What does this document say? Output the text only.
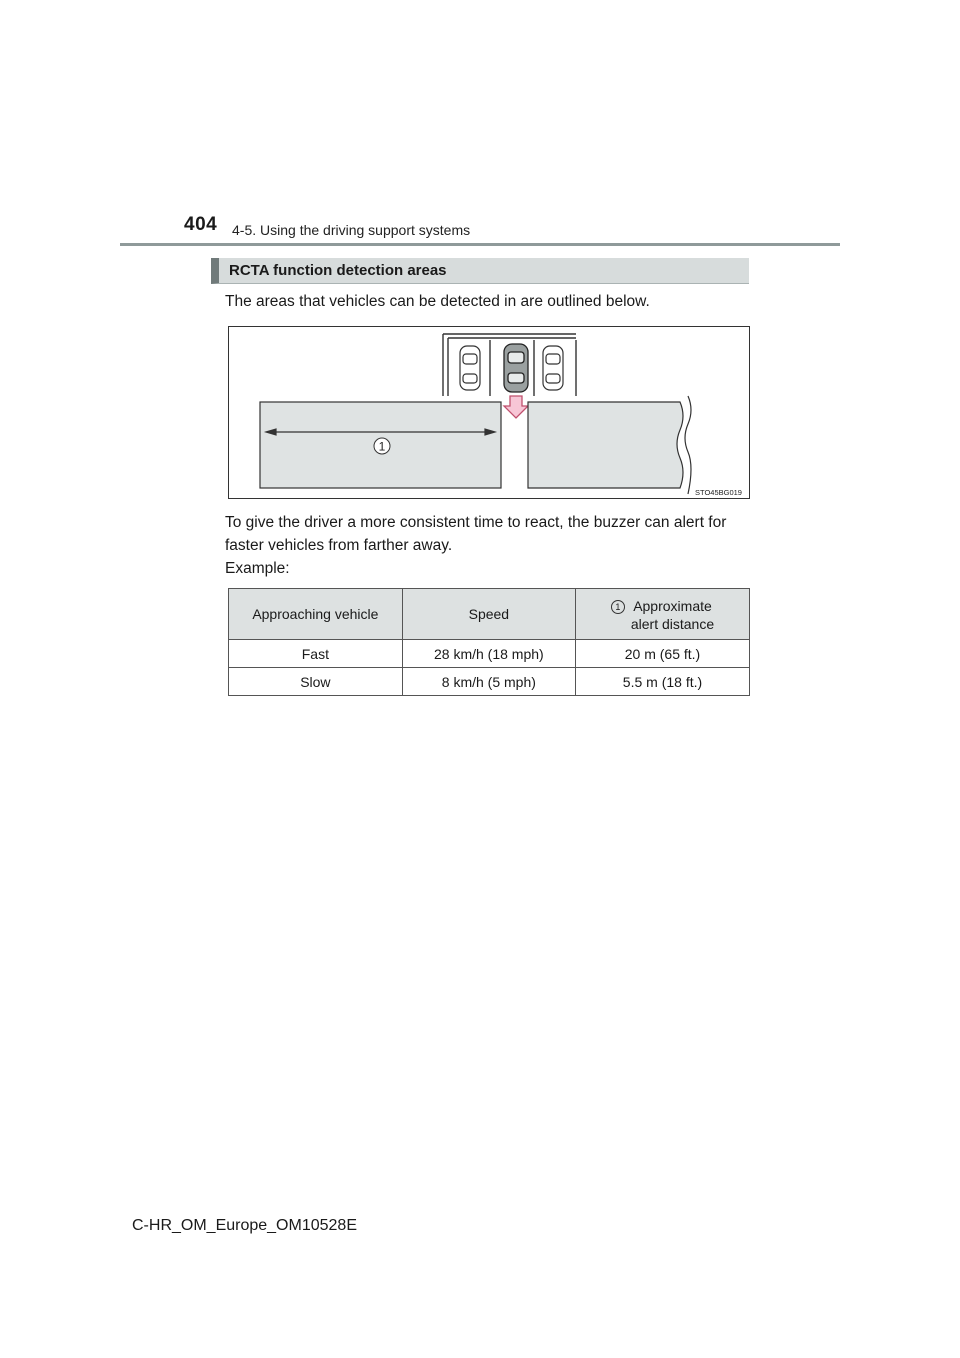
404 4-5. Using the driving support systems
RCTA function detection areas
The areas that vehicles can be detected in are outlined below.
1
STO45BG019
To give the driver a more consistent time to react, the buzzer can alert for faster vehicles from farther away.
Example:
Approaching vehicle	Speed	1 Approximate
alert distance

Fast	28 km/h (18 mph)	20 m (65 ft.)
Slow	8 km/h (5 mph)	5.5 m (18 ft.)
C-HR_OM_Europe_OM10528E
